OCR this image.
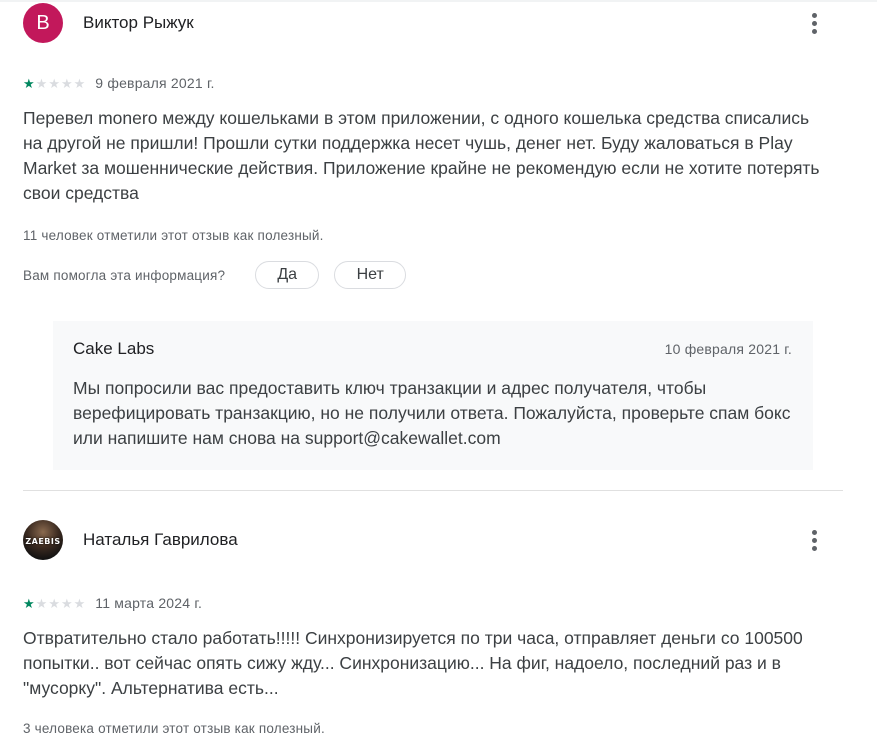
В Виктор Рыжук
★ ★ ★ ★ ★ 9 февраля 2021 г.

Перевел monero между кошельками в этом приложении, с одного кошелька средства списались на другой не пришли! Прошли сутки поддержка несет чушь, денег нет. Буду жаловаться в Play Market за мошеннические действия. Приложение крайне не рекомендую если не хотите потерять свои средства

11 человек отметили этот отзыв как полезный.
Вам помогла эта информация?	Да	Нет
Cake Labs	10 февраля 2021 г.

Мы попросили вас предоставить ключ транзакции и адрес получателя, чтобы верефицировать транзакцию, но не получили ответа. Пожалуйста, проверьте спам бокс или напишите нам снова на support@cakewallet.com

ZAEBIS Наталья Гаврилова
★ ★ ★ ★ ★ 11 марта 2024 г.

Отвратительно стало работать!!!!! Синхронизируется по три часа, отправляет деньги со 100500 попытки.. вот сейчас опять сижу жду... Синхронизацию... На фиг, надоело, последний раз и в "мусорку". Альтернатива есть...

3 человека отметили этот отзыв как полезный.
